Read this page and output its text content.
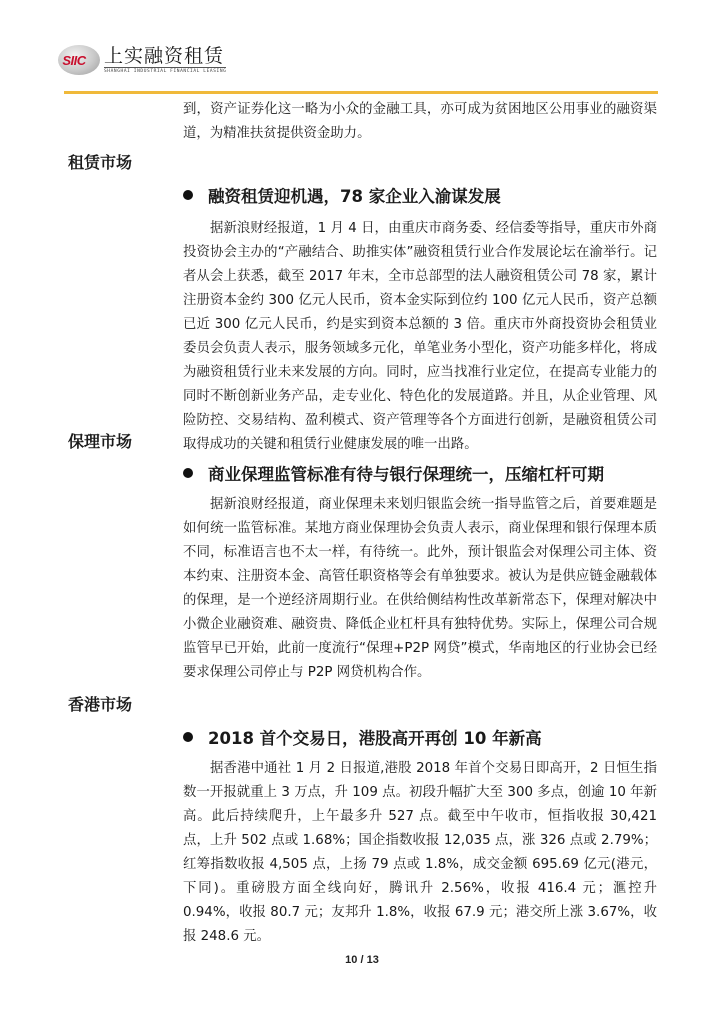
SIIC 上实融资租赁
SHANGHAI INDUSTRIAL FINANCIAL LEASING
到，资产证券化这一略为小众的金融工具，亦可成为贫困地区公用事业的融资渠道，为精准扶贫提供资金助力。
租赁市场
融资租赁迎机遇，78 家企业入渝谋发展
据新浪财经报道，1 月 4 日，由重庆市商务委、经信委等指导，重庆市外商投资协会主办的“产融结合、助推实体”融资租赁行业合作发展论坛在渝举行。记者从会上获悉，截至 2017 年末，全市总部型的法人融资租赁公司 78 家，累计注册资本金约 300 亿元人民币，资本金实际到位约 100 亿元人民币，资产总额已近 300 亿元人民币，约是实到资本总额的 3 倍。重庆市外商投资协会租赁业委员会负责人表示，服务领域多元化，单笔业务小型化，资产功能多样化，将成为融资租赁行业未来发展的方向。同时，应当找准行业定位，在提高专业能力的同时不断创新业务产品，走专业化、特色化的发展道路。并且，从企业管理、风险防控、交易结构、盈利模式、资产管理等各个方面进行创新，是融资租赁公司取得成功的关键和租赁行业健康发展的唯一出路。
保理市场
商业保理监管标准有待与银行保理统一，压缩杠杆可期
据新浪财经报道，商业保理未来划归银监会统一指导监管之后，首要难题是如何统一监管标准。某地方商业保理协会负责人表示，商业保理和银行保理本质不同，标准语言也不太一样，有待统一。此外，预计银监会对保理公司主体、资本约束、注册资本金、高管任职资格等会有单独要求。被认为是供应链金融载体的保理，是一个逆经济周期行业。在供给侧结构性改革新常态下，保理对解决中小微企业融资难、融资贵、降低企业杠杆具有独特优势。实际上，保理公司合规监管早已开始，此前一度流行“保理+P2P 网贷”模式，华南地区的行业协会已经要求保理公司停止与 P2P 网贷机构合作。
香港市场
2018 首个交易日，港股高开再创 10 年新高
据香港中通社 1 月 2 日报道,港股 2018 年首个交易日即高开，2 日恒生指数一开报就重上 3 万点，升 109 点。初段升幅扩大至 300 多点，创逾 10 年新高。此后持续爬升，上午最多升 527 点。截至中午收市，恒指收报 30,421 点，上升 502 点或 1.68%；国企指数收报 12,035 点，涨 326 点或 2.79%；红筹指数收报 4,505 点，上扬 79 点或 1.8%，成交金额 695.69 亿元(港元，下同)。重磅股方面全线向好，腾讯升 2.56%，收报 416.4 元；滙控升 0.94%，收报 80.7 元；友邦升 1.8%，收报 67.9 元；港交所上涨 3.67%，收报 248.6 元。
10 / 13
